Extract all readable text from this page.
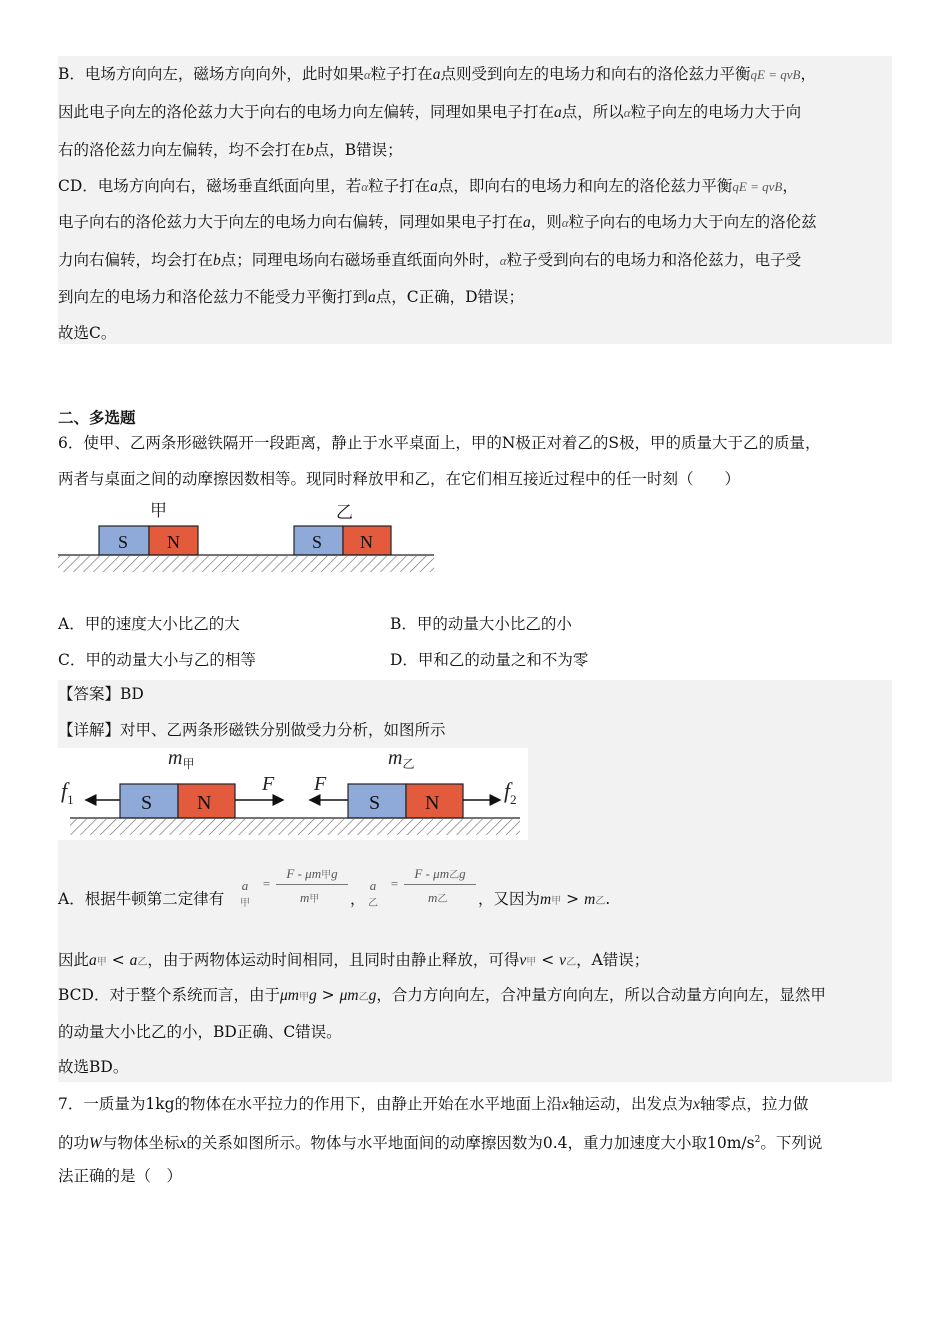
B．电场方向向左，磁场方向向外，此时如果α粒子打在a点则受到向左的电场力和向右的洛伦兹力平衡qE = qvB，
因此电子向左的洛伦兹力大于向右的电场力向左偏转，同理如果电子打在a点，所以α粒子向左的电场力大于向
右的洛伦兹力向左偏转，均不会打在b点，B错误；
CD．电场方向向右，磁场垂直纸面向里，若α粒子打在a点，即向右的电场力和向左的洛伦兹力平衡qE = qvB，
电子向右的洛伦兹力大于向左的电场力向右偏转，同理如果电子打在a，则α粒子向右的电场力大于向左的洛伦兹
力向右偏转，均会打在b点；同理电场向右磁场垂直纸面向外时，α粒子受到向右的电场力和洛伦兹力，电子受
到向左的电场力和洛伦兹力不能受力平衡打到a点，C正确，D错误；
故选C。
二、多选题
6．使甲、乙两条形磁铁隔开一段距离，静止于水平桌面上，甲的N极正对着乙的S极，甲的质量大于乙的质量，
两者与桌面之间的动摩擦因数相等。现同时释放甲和乙，在它们相互接近过程中的任一时刻（　　）
甲	乙
S N	S N
A．甲的速度大小比乙的大	B．甲的动量大小比乙的小
C．甲的动量大小与乙的相等	D．甲和乙的动量之和不为零
【答案】BD
【详解】对甲、乙两条形磁铁分别做受力分析，如图所示
$m_甲$	$m_乙$
$f_1$	S N
F F
S N	$f_2$
A．根据牛顿第二定律有
a甲
=
F - μm甲g
m甲 ，
a乙
=
F - μm乙g
m乙 ，又因为m甲 > m乙.
因此a甲 < a乙，由于两物体运动时间相同，且同时由静止释放，可得v甲 < v乙，A错误；
BCD．对于整个系统而言，由于μm甲g > μm乙g，合力方向向左，合冲量方向向左，所以合动量方向向左，显然甲
的动量大小比乙的小，BD正确、C错误。
故选BD。
7．一质量为1kg的物体在水平拉力的作用下，由静止开始在水平地面上沿x轴运动，出发点为x轴零点，拉力做
的功W与物体坐标x的关系如图所示。物体与水平地面间的动摩擦因数为0.4，重力加速度大小取$10m/s^2$。下列说
法正确的是（　）
